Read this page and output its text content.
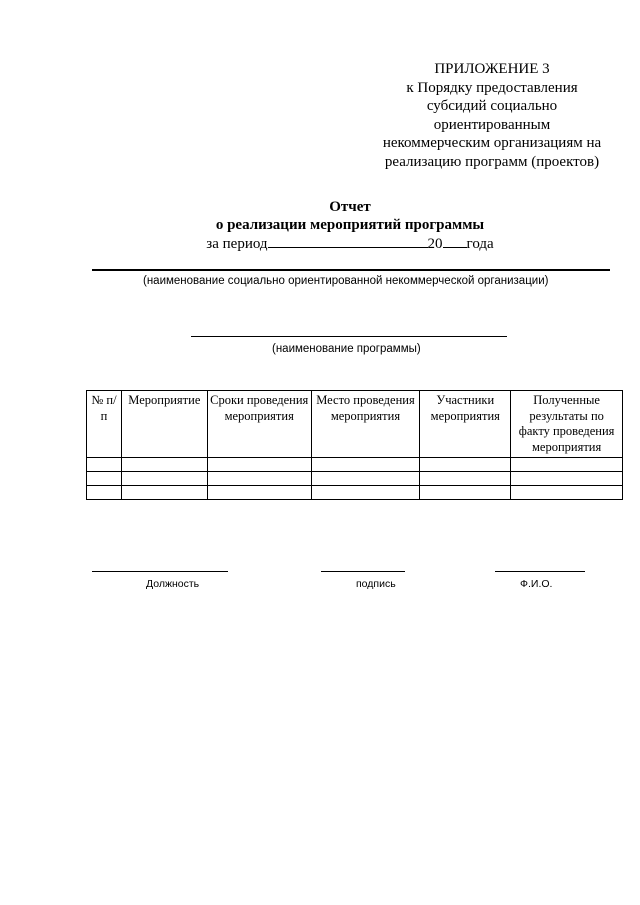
ПРИЛОЖЕНИЕ 3
к Порядку предоставления
субсидий социально
ориентированным
некоммерческим организациям на
реализацию программ (проектов)
Отчет
о реализации мероприятий программы
за период	20 года
(наименование социально ориентированной некоммерческой организации)
(наименование программы)
№ п/п	Мероприятие	Сроки проведения мероприятия	Место проведения мероприятия	Участники мероприятия	Полученные результаты по факту проведения мероприятия

Должность	подпись	Ф.И.О.
